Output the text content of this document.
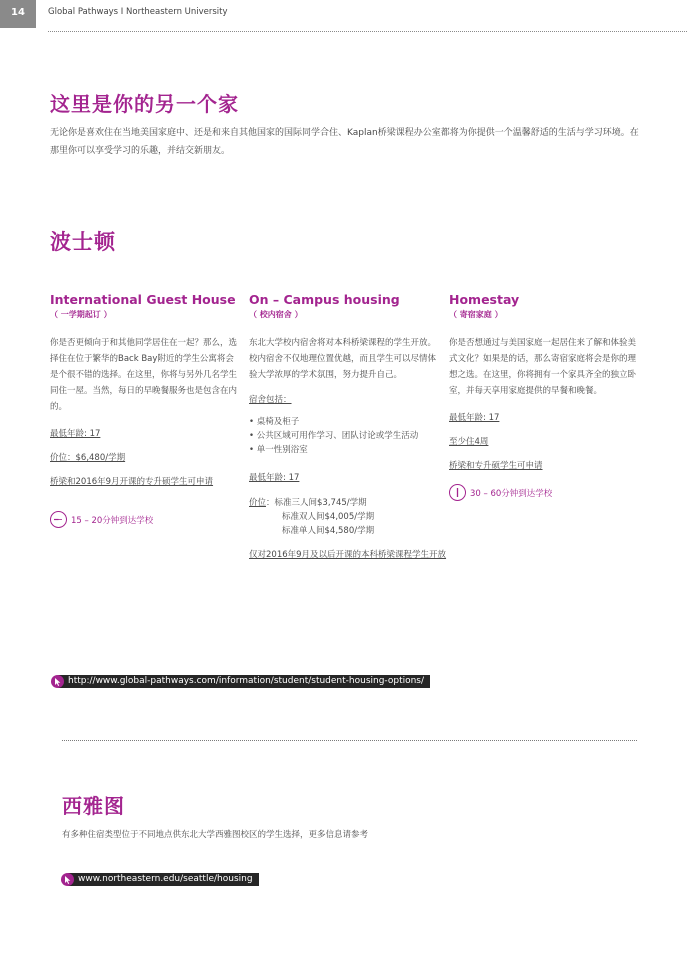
14	Global Pathways I Northeastern University
这里是你的另一个家
无论你是喜欢住在当地美国家庭中、还是和来自其他国家的国际同学合住、Kaplan桥梁课程办公室都将为你提供一个温馨舒适的生活与学习环境。在那里你可以享受学习的乐趣，并结交新朋友。
波士顿
International Guest House
（ 一学期起订 ）
你是否更倾向于和其他同学居住在一起？那么，选择住在位于繁华的Back Bay附近的学生公寓将会是个很不错的选择。在这里，你将与另外几名学生同住一屋。当然，每日的早晚餐服务也是包含在内的。
最低年龄: 17
价位：$6,480/学期
桥梁和2016年9月开课的专升硕学生可申请
15 – 20分钟到达学校
On – Campus housing
（ 校内宿舍 ）
东北大学校内宿舍将对本科桥梁课程的学生开放。校内宿舍不仅地理位置优越，而且学生可以尽情体验大学浓厚的学术氛围，努力提升自己。
宿舍包括：
• 桌椅及柜子
• 公共区域可用作学习、团队讨论或学生活动
• 单一性别浴室
最低年龄: 17
价位：标准三人间$3,745/学期
标准双人间$4,005/学期
标准单人间$4,580/学期
仅对2016年9月及以后开课的本科桥梁课程学生开放
Homestay
（ 寄宿家庭 ）
你是否想通过与美国家庭一起居住来了解和体验美式文化？如果是的话，那么寄宿家庭将会是你的理想之选。在这里，你将拥有一个家具齐全的独立卧室，并每天享用家庭提供的早餐和晚餐。
最低年龄: 17
至少住4周
桥梁和专升硕学生可申请
30 – 60分钟到达学校
http://www.global-pathways.com/information/student/student-housing-options/
西雅图
有多种住宿类型位于不同地点供东北大学西雅图校区的学生选择，更多信息请参考
www.northeastern.edu/seattle/housing
